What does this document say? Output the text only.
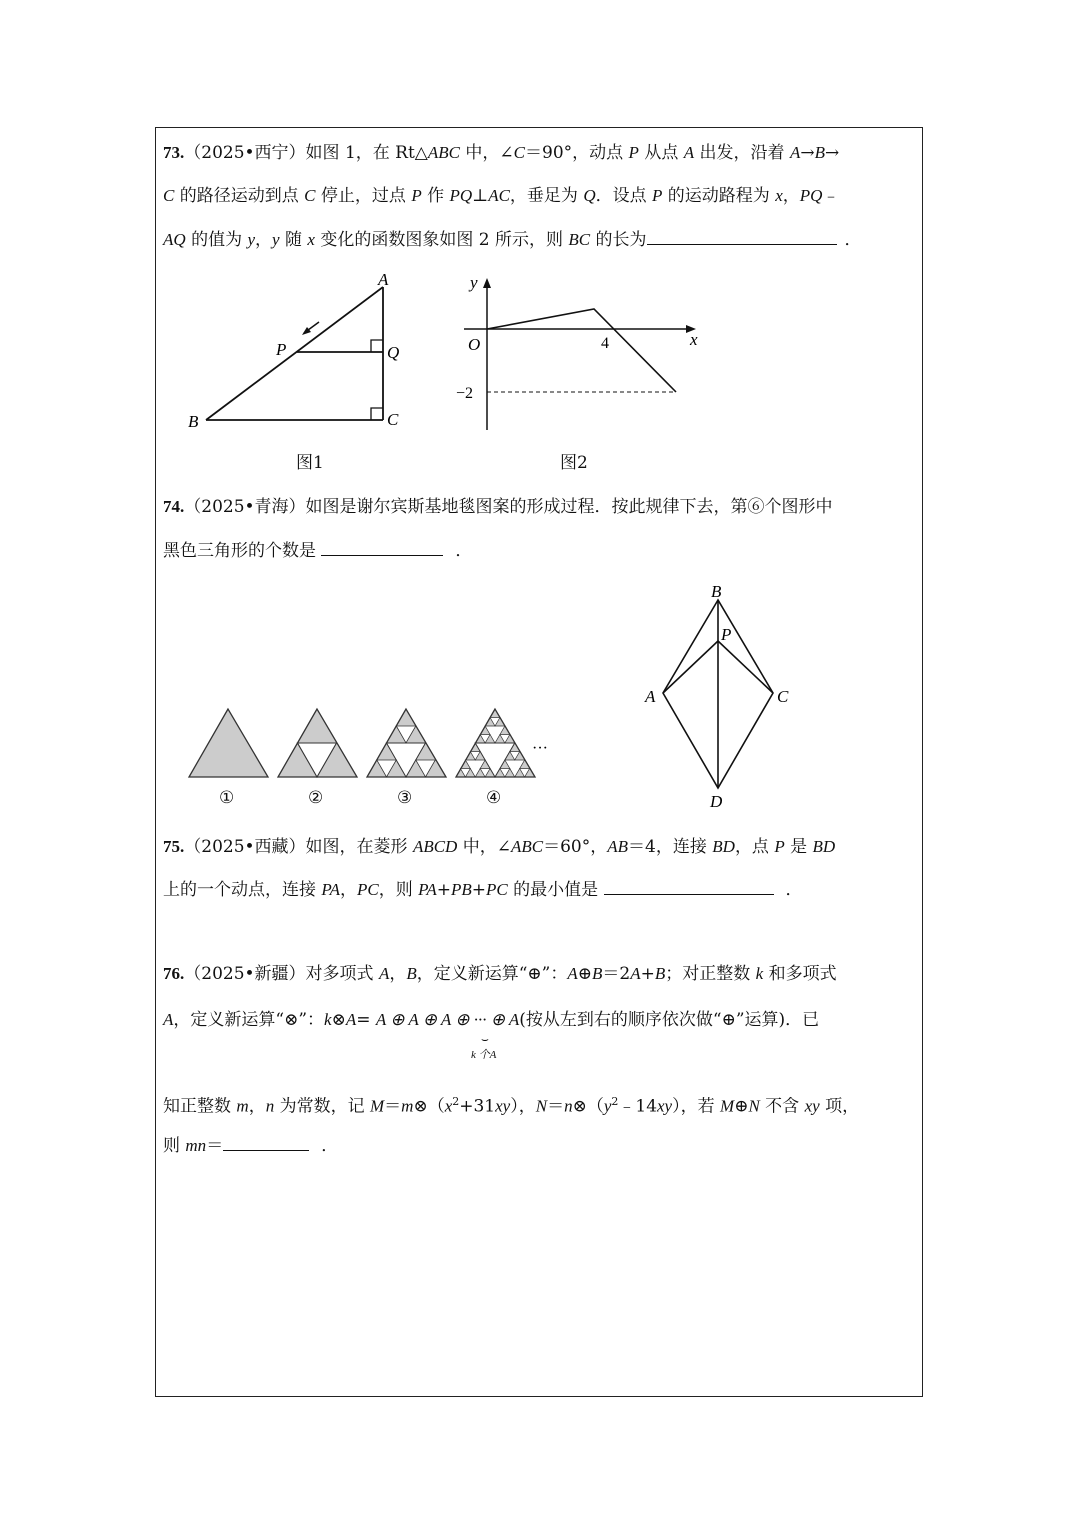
73.（2025•西宁）如图 1，在 Rt△ABC 中，∠C＝90°，动点 P 从点 A 出发，沿着 A→B→
C 的路径运动到点 C 停止，过点 P 作 PQ⊥AC，垂足为 Q．设点 P 的运动路程为 x，PQ﹣
AQ 的值为 y，y 随 x 变化的函数图象如图 2 所示，则 BC 的长为	．
A
B	C
P	Q
图1
y
x
O	4
−2
图2
74.（2025•青海）如图是谢尔宾斯基地毯图案的形成过程．按此规律下去，第⑥个图形中
黑色三角形的个数是	．
···
①	②	③	④
B
P
A	C
D
75.（2025•西藏）如图，在菱形 ABCD 中，∠ABC＝60°，AB＝4，连接 BD，点 P 是 BD
上的一个动点，连接 PA，PC，则 PA+PB+PC 的最小值是	．
76.（2025•新疆）对多项式 A，B，定义新运算“⊕”：A⊕B＝2A+B；对正整数 k 和多项式
A，定义新运算“⊗”：k⊗A= A ⊕ A ⊕ A ⊕ ··· ⊕ A(按从左到右的顺序依次做“⊕”运算)．已
⌣
k 个A
知正整数 m，n 为常数，记 $M=m\otimes(x^2+31xy)$，$N=n\otimes(y^2﹣14xy)$，若 M⊕N 不含 xy 项，
则 mn＝	．
